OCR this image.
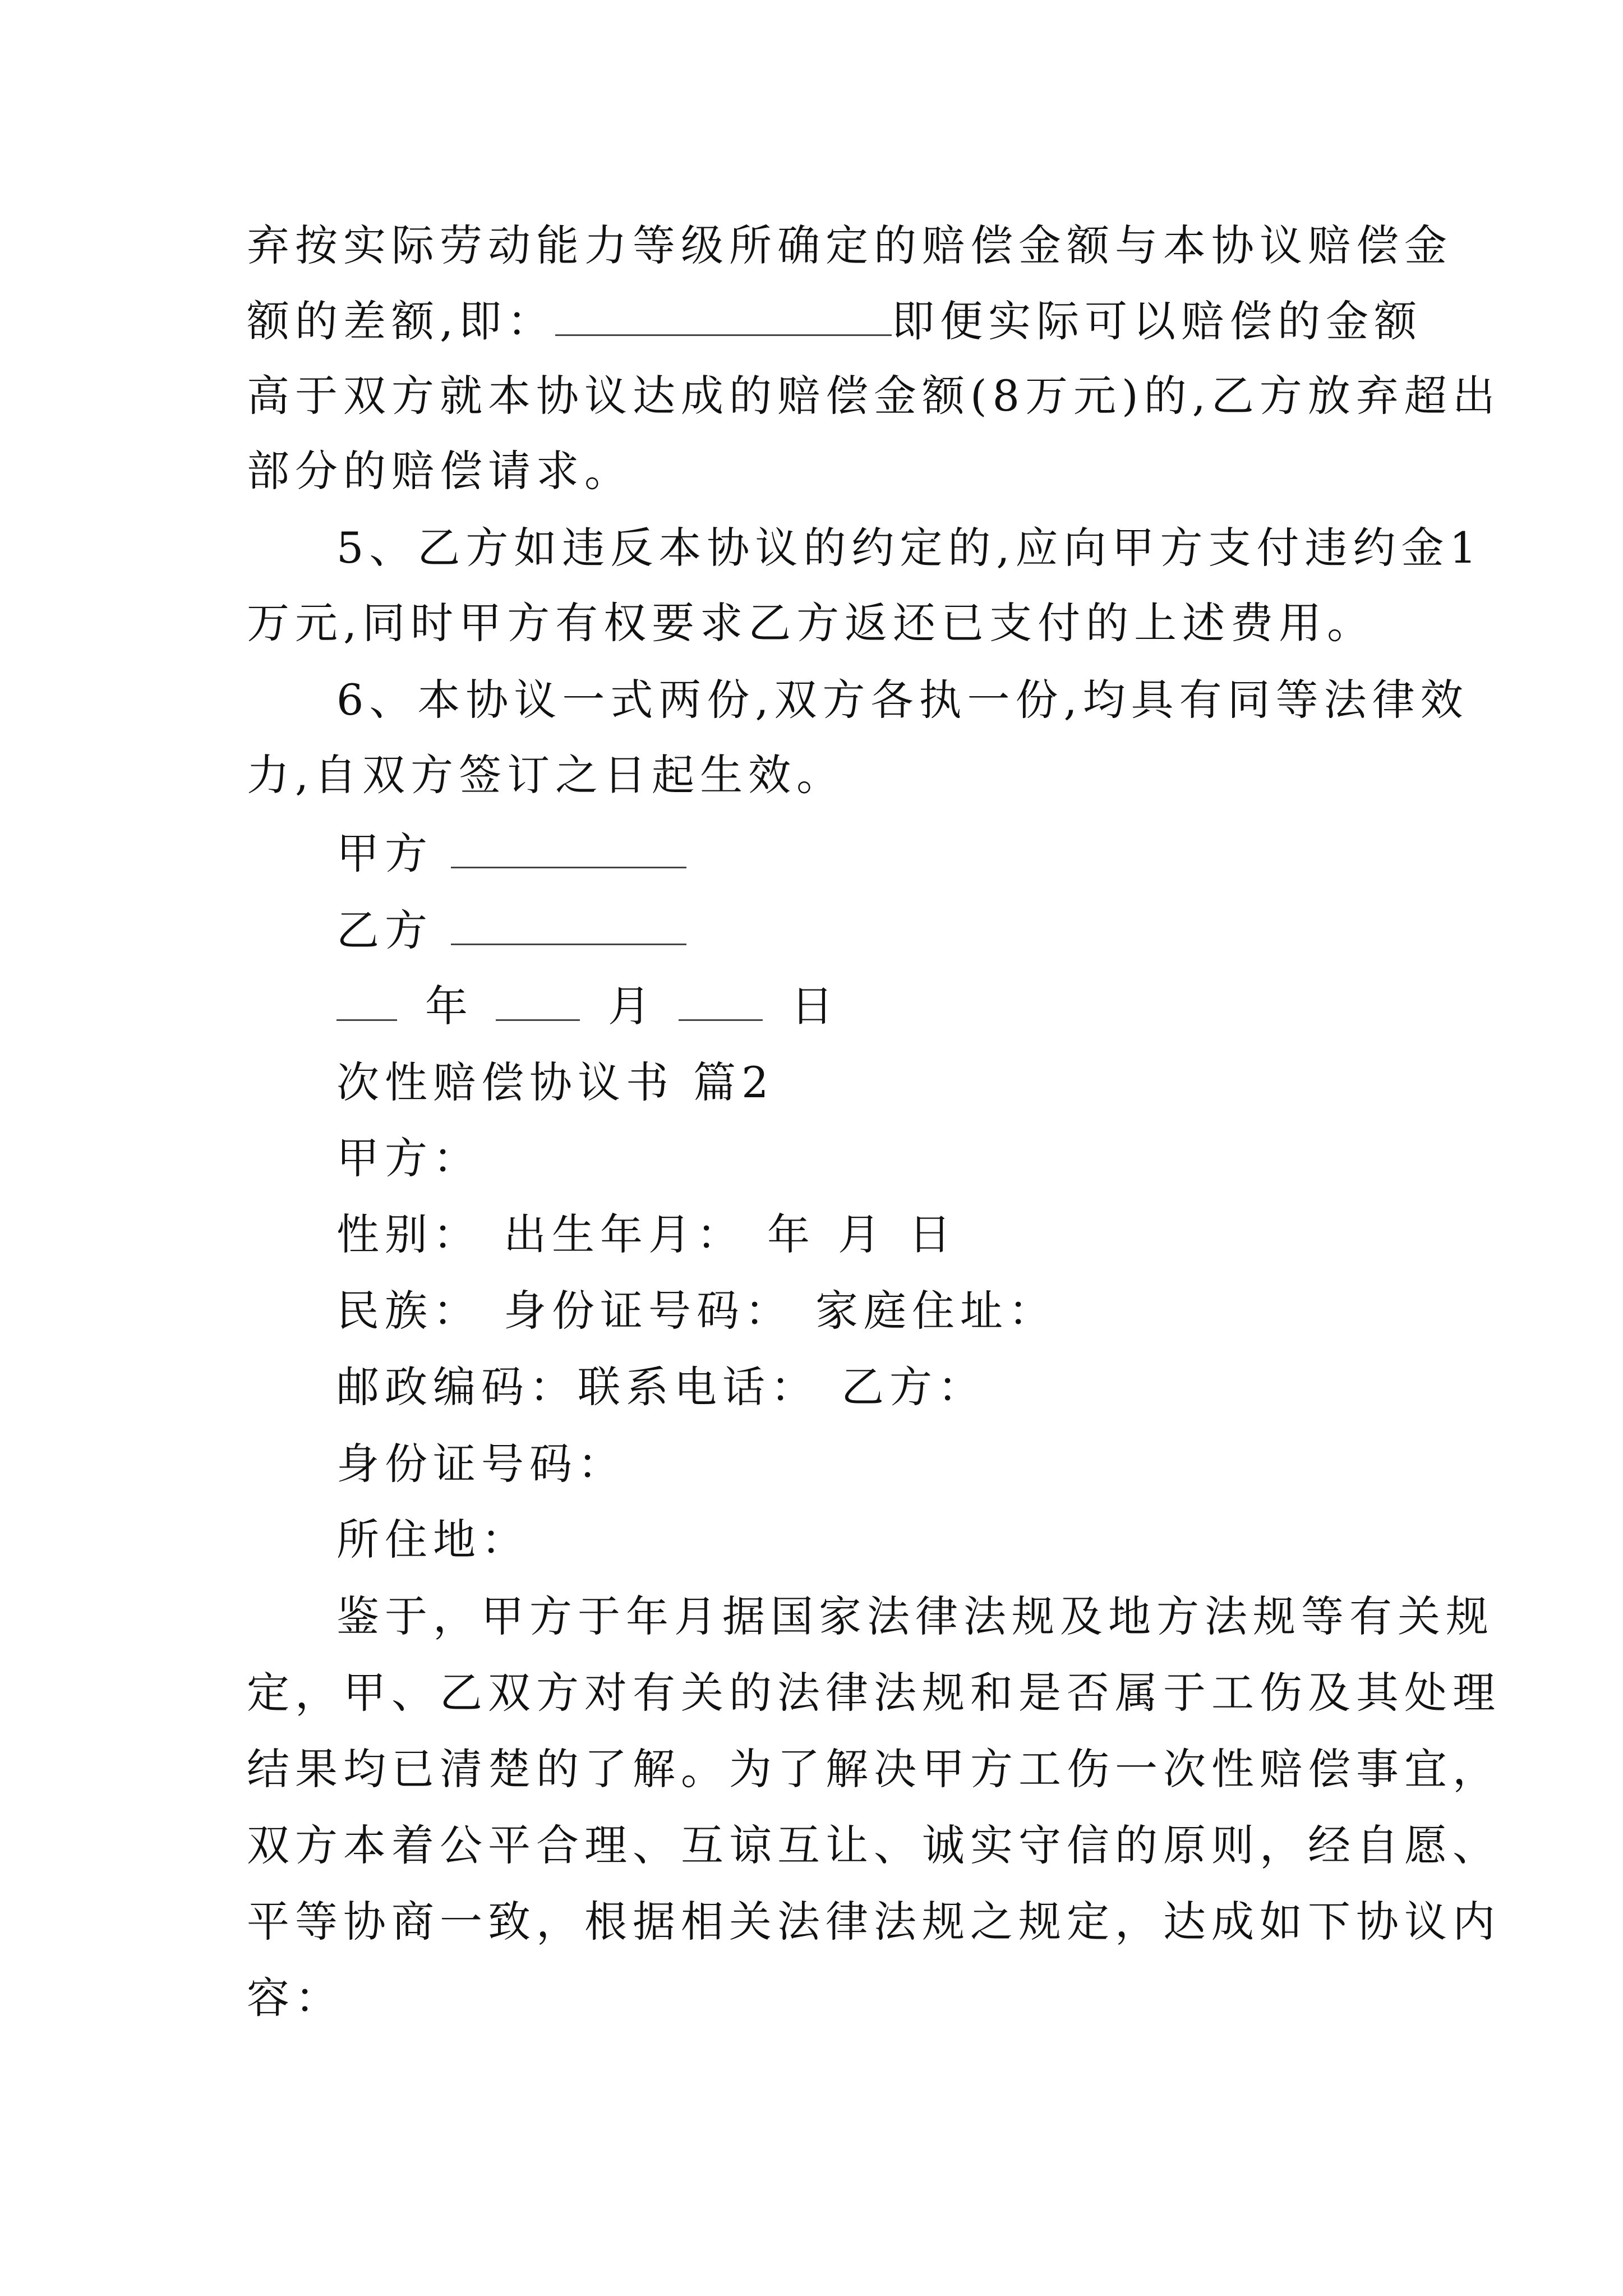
弃按实际劳动能力等级所确定的赔偿金额与本协议赔偿金
额的差额,即：	即便实际可以赔偿的金额
高于双方就本协议达成的赔偿金额(8万元)的,乙方放弃超出
部分的赔偿请求。
5、乙方如违反本协议的约定的,应向甲方支付违约金1
万元,同时甲方有权要求乙方返还已支付的上述费用。
6、本协议一式两份,双方各执一份,均具有同等法律效
力,自双方签订之日起生效。
甲方
乙方
年	月	日
次性赔偿协议书 篇2
甲方：
性别： 出生年月： 年 月 日
民族： 身份证号码： 家庭住址：
邮政编码：联系电话： 乙方：
身份证号码：
所住地：
鉴于，甲方于年月据国家法律法规及地方法规等有关规
定，甲、乙双方对有关的法律法规和是否属于工伤及其处理
结果均已清楚的了解。为了解决甲方工伤一次性赔偿事宜，
双方本着公平合理、互谅互让、诚实守信的原则，经自愿、
平等协商一致，根据相关法律法规之规定，达成如下协议内
容：
